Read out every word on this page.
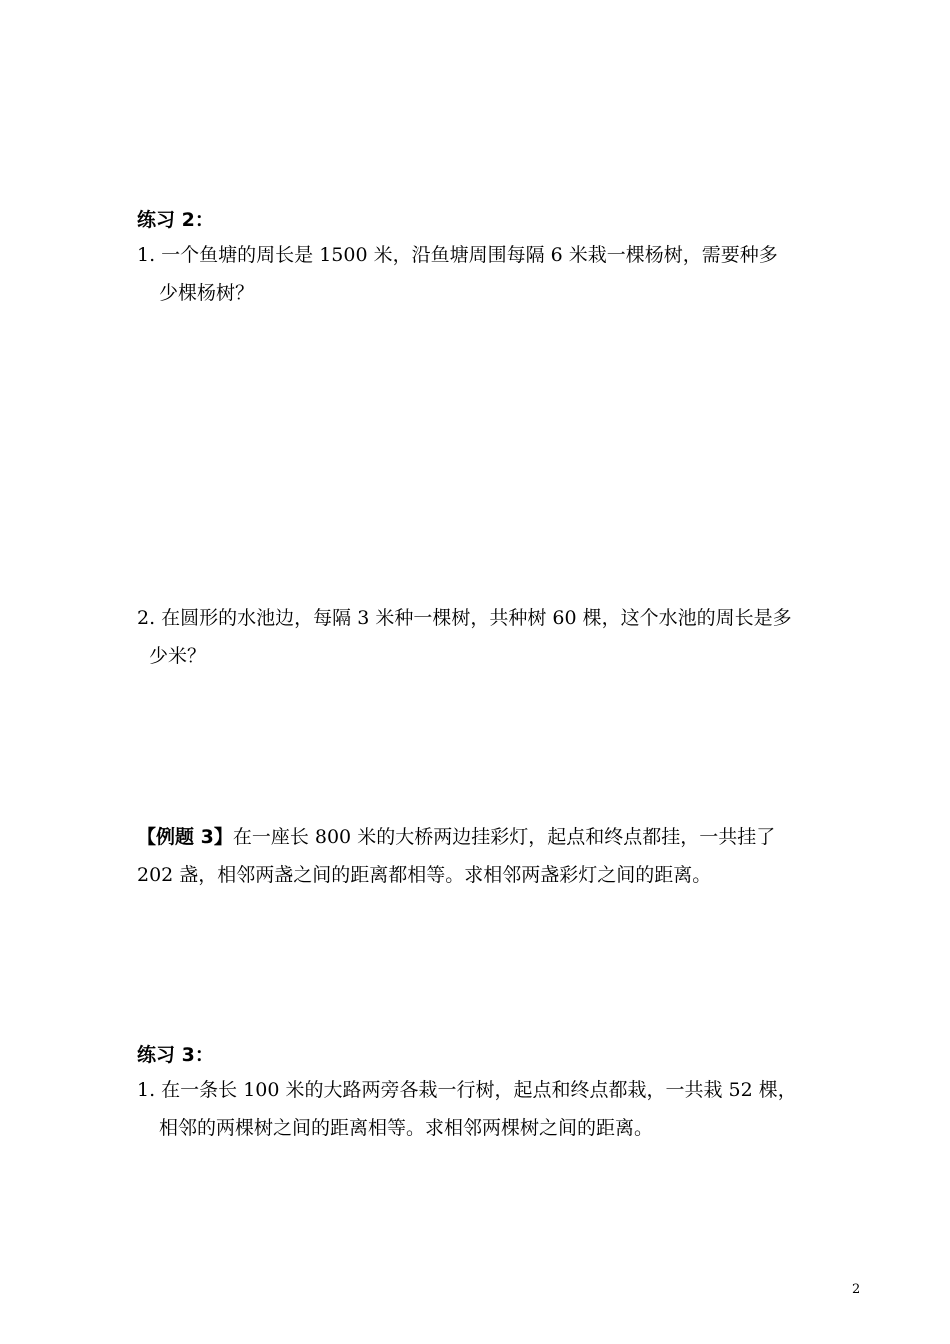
练习 2：
1. 一个鱼塘的周长是 1500 米，沿鱼塘周围每隔 6 米栽一棵杨树，需要种多
少棵杨树？
2. 在圆形的水池边，每隔 3 米种一棵树，共种树 60 棵，这个水池的周长是多
少米？
【例题 3】在一座长 800 米的大桥两边挂彩灯，起点和终点都挂，一共挂了
202 盏，相邻两盏之间的距离都相等。求相邻两盏彩灯之间的距离。
练习 3：
1. 在一条长 100 米的大路两旁各栽一行树，起点和终点都栽，一共栽 52 棵，
相邻的两棵树之间的距离相等。求相邻两棵树之间的距离。
2
